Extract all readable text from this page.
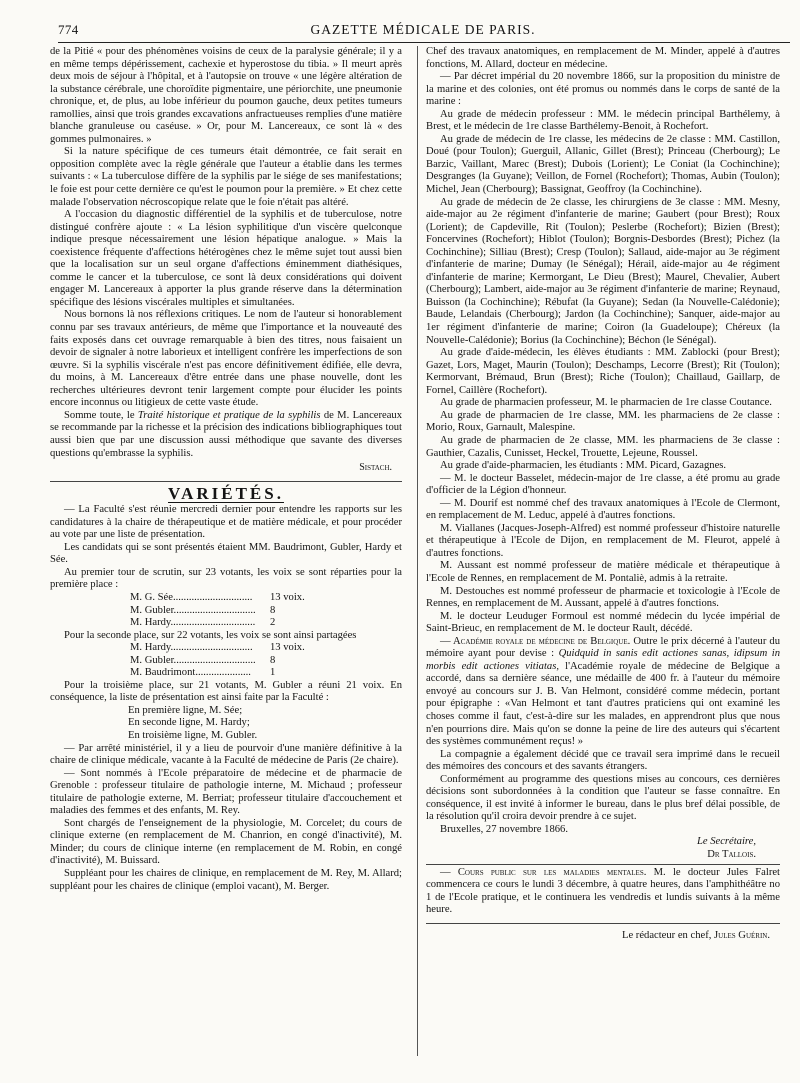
774	GAZETTE MÉDICALE DE PARIS.

de la Pitié « pour des phénomènes voisins de ceux de la paralysie générale; il y a en même temps dépérissement, cachexie et hyperostose du tibia. » Il meurt après deux mois de séjour à l'hôpital, et à l'autopsie on trouve « une légère altération de la substance cérébrale, une choroïdite pigmentaire, une périorchite, une pneumonie chronique, et, de plus, au lobe inférieur du poumon gauche, deux petites tumeurs ramollies, ainsi que trois grandes excavations anfractueuses remplies d'une matière blanche granuleuse ou caséuse. » Or, pour M. Lancereaux, ce sont là « des gommes pulmonaires. »

Si la nature spécifique de ces tumeurs était démontrée, ce fait serait en opposition complète avec la règle générale que l'auteur a établie dans les termes suivants : « La tuberculose diffère de la syphilis par le siége de ses manifestations; le foie est pour cette dernière ce qu'est le poumon pour la première. » Et chez cette malade l'observation nécroscopique relate que le foie n'était pas altéré.

A l'occasion du diagnostic différentiel de la syphilis et de tuberculose, notre distingué confrère ajoute : « La lésion syphilitique d'un viscère quelconque indique presque nécessairement une lésion hépatique analogue. » Mais la coexistence fréquente d'affections hétérogènes chez le même sujet tout aussi bien que la localisation sur un seul organe d'affections éminemment diathésiques, comme le cancer et la tuberculose, ce sont là deux considérations qui doivent engager M. Lancereaux à apporter la plus grande réserve dans la détermination spécifique des lésions viscérales multiples et simultanées.

Nous bornons là nos réflexions critiques. Le nom de l'auteur si honorablement connu par ses travaux antérieurs, de même que l'importance et la nouveauté des faits exposés dans cet ouvrage remarquable à bien des titres, nous faisaient un devoir de signaler à notre laborieux et intelligent confrère les imperfections de son œuvre. Si la syphilis viscérale n'est pas encore définitivement édifiée, elle devra, du moins, à M. Lancereaux d'être entrée dans une phase nouvelle, dont les recherches ultérieures devront tenir largement compte pour élucider les points encore inconnus ou litigieux de cette vaste étude.

Somme toute, le Traité historique et pratique de la syphilis de M. Lancereaux se recommande par la richesse et la précision des indications bibliographiques tout aussi bien que par une discussion aussi méthodique que savante des diverses questions qu'embrasse la syphilis.

Sistach.
VARIÉTÉS.

— La Faculté s'est réunie mercredi dernier pour entendre les rapports sur les candidatures à la chaire de thérapeutique et de matière médicale, et pour procéder au vote par une liste de présentation.

Les candidats qui se sont présentés étaient MM. Baudrimont, Gubler, Hardy et Sée.

Au premier tour de scrutin, sur 23 votants, les voix se sont réparties pour la première place :

M. G. Sée..............................	13 voix.
M. Gubler...............................	8
M. Hardy................................	2

Pour la seconde place, sur 22 votants, les voix se sont ainsi partagées

M. Hardy...............................	13 voix.
M. Gubler...............................	8
M. Baudrimont.....................	1

Pour la troisième place, sur 21 votants, M. Gubler a réuni 21 voix. En conséquence, la liste de présentation est ainsi faite par la Faculté :

En première ligne, M. Sée;
En seconde ligne, M. Hardy;
En troisième ligne, M. Gubler.

— Par arrêté ministériel, il y a lieu de pourvoir d'une manière définitive à la chaire de clinique médicale, vacante à la Faculté de médecine de Paris (2e chaire).

— Sont nommés à l'Ecole préparatoire de médecine et de pharmacie de Grenoble : professeur titulaire de pathologie interne, M. Michaud ; professeur titulaire de pathologie externe, M. Berriat; professeur titulaire d'accouchement et maladies des femmes et des enfants, M. Rey.

Sont chargés de l'enseignement de la physiologie, M. Corcelet; du cours de clinique externe (en remplacement de M. Chanrion, en congé d'inactivité), M. Minder; du cours de clinique interne (en remplacement de M. Robin, en congé d'inactivité), M. Buissard.

Suppléant pour les chaires de clinique, en remplacement de M. Rey, M. Allard; suppléant pour les chaires de clinique (emploi vacant), M. Berger.

Chef des travaux anatomiques, en remplacement de M. Minder, appelé à d'autres fonctions, M. Allard, docteur en médecine.

— Par décret impérial du 20 novembre 1866, sur la proposition du ministre de la marine et des colonies, ont été promus ou nommés dans le corps de santé de la marine :

Au grade de médecin professeur : MM. le médecin principal Barthélemy, à Brest, et le médecin de 1re classe Barthélemy-Benoit, à Rochefort.

Au grade de médecin de 1re classe, les médecins de 2e classe : MM. Castillon, Doué (pour Toulon); Guerguil, Allanic, Gillet (Brest); Princeau (Cherbourg); Le Barzic, Vaillant, Marec (Brest); Dubois (Lorient); Le Coniat (la Cochinchine); Desgranges (la Guyane); Veillon, de Fornel (Rochefort); Thomas, Aubin (Toulon); Michel, Jean (Cherbourg); Bassignat, Geoffroy (la Cochinchine).

Au grade de médecin de 2e classe, les chirurgiens de 3e classe : MM. Mesny, aide-major au 2e régiment d'infanterie de marine; Gaubert (pour Brest); Roux (Lorient); de Capdeville, Rit (Toulon); Peslerbe (Rochefort); Bizien (Brest); Foncervines (Rochefort); Hiblot (Toulon); Borgnis-Desbordes (Brest); Pichez (la Cochinchine); Silliau (Brest); Cresp (Toulon); Sallaud, aide-major au 3e régiment d'infanterie de marine; Dumay (le Sénégal); Hérail, aide-major au 4e régiment d'infanterie de marine; Kermorgant, Le Dieu (Brest); Maurel, Chevalier, Aubert (Cherbourg); Lambert, aide-major au 3e régiment d'infanterie de marine; Reynaud, Buisson (la Cochinchine); Rébufat (la Guyane); Sedan (la Nouvelle-Calédonie); Baude, Lelandais (Cherbourg); Jardon (la Cochinchine); Sanquer, aide-major au 1er régiment d'infanterie de marine; Coiron (la Guadeloupe); Chéreux (la Nouvelle-Calédonie); Borius (la Cochinchine); Béchon (le Sénégal).

Au grade d'aide-médecin, les élèves étudiants : MM. Zablocki (pour Brest); Gazet, Lors, Maget, Maurin (Toulon); Deschamps, Lecorre (Brest); Rit (Toulon); Kermorvant, Brémaud, Brun (Brest); Riche (Toulon); Chaillaud, Gaillarp, de Fornel, Caillère (Rochefort).

Au grade de pharmacien professeur, M. le pharmacien de 1re classe Coutance.

Au grade de pharmacien de 1re classe, MM. les pharmaciens de 2e classe : Morio, Roux, Garnault, Malespine.

Au grade de pharmacien de 2e classe, MM. les pharmaciens de 3e classe : Gauthier, Cazalis, Cunisset, Heckel, Trouette, Lejeune, Roussel.

Au grade d'aide-pharmacien, les étudiants : MM. Picard, Gazagnes.

— M. le docteur Basselet, médecin-major de 1re classe, a été promu au grade d'officier de la Légion d'honneur.

— M. Dourif est nommé chef des travaux anatomiques à l'Ecole de Clermont, en remplacement de M. Leduc, appelé à d'autres fonctions.

M. Viallanes (Jacques-Joseph-Alfred) est nommé professeur d'histoire naturelle et thérapeutique à l'Ecole de Dijon, en remplacement de M. Fleurot, appelé à d'autres fonctions.

M. Aussant est nommé professeur de matière médicale et thérapeutique à l'Ecole de Rennes, en remplacement de M. Pontaliè, admis à la retraite.

M. Destouches est nommé professeur de pharmacie et toxicologie à l'Ecole de Rennes, en remplacement de M. Aussant, appelé à d'autres fonctions.

M. le docteur Leuduger Formoul est nommé médecin du lycée impérial de Saint-Brieuc, en remplacement de M. le docteur Rault, décédé.

— Académie royale de médecine de Belgique. Outre le prix décerné à l'auteur du mémoire ayant pour devise : Quidquid in sanis edit actiones sanas, idipsum in morbis edit actiones vitiatas, l'Académie royale de médecine de Belgique a accordé, dans sa dernière séance, une médaille de 400 fr. à l'auteur du mémoire envoyé au concours sur J. B. Van Helmont, considéré comme médecin, portant pour épigraphe : «Van Helmont et tant d'autres praticiens qui ont examiné les choses comme il faut, c'est-à-dire sur les malades, en apprendront plus que nous n'en pourrions dire. Mais qu'on se donne la peine de lire des auteurs qui s'écartent des systèmes communément reçus! »

La compagnie a également décidé que ce travail sera imprimé dans le recueil des mémoires des concours et des savants étrangers.

Conformément au programme des questions mises au concours, ces dernières décisions sont subordonnées à la condition que l'auteur se fasse connaître. En conséquence, il est invité à informer le bureau, dans le plus bref délai possible, de la résolution qu'il croira devoir prendre à ce sujet.

Bruxelles, 27 novembre 1866.

Le Secrétaire,
Dr Tallois.

— Cours public sur les maladies mentales. M. le docteur Jules Falret commencera ce cours le lundi 3 décembre, à quatre heures, dans l'amphithéâtre no 1 de l'Ecole pratique, et le continuera les vendredis et lundis suivants à la même heure.

Le rédacteur en chef, Jules Guérin.
